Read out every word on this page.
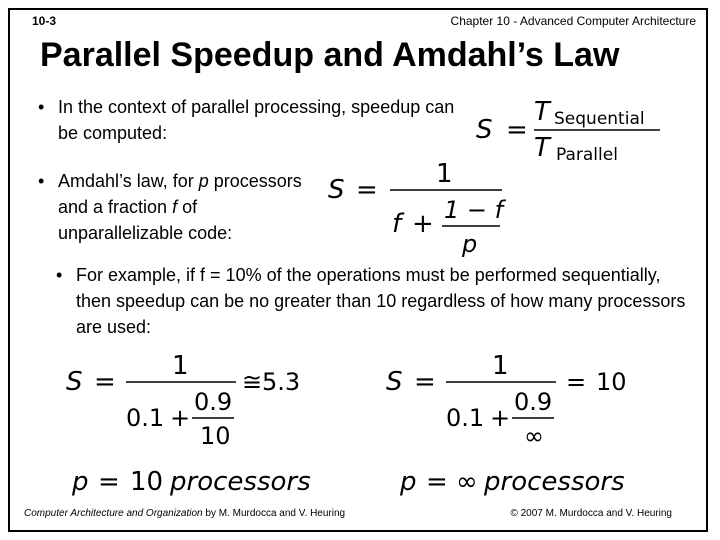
10-3	Chapter 10 - Advanced Computer Architecture
Parallel Speedup and Amdahl’s Law
• In the context of parallel processing, speedup can be computed:
• Amdahl’s law, for p processors and a fraction f of unparallelizable code:
• For example, if f = 10% of the operations must be performed sequentially, then speedup can be no greater than 10 regardless of how many processors are used:
S =
T Sequential
T Parallel
S =
1
f + 1 − f
p
S =
1
0.1 +
0.9
10
≅ 5.3
p = 10 processors
S =
1
0.1 +
0.9
∞
= 10
p = ∞ processors
Computer Architecture and Organization by M. Murdocca and V. Heuring	© 2007 M. Murdocca and V. Heuring
